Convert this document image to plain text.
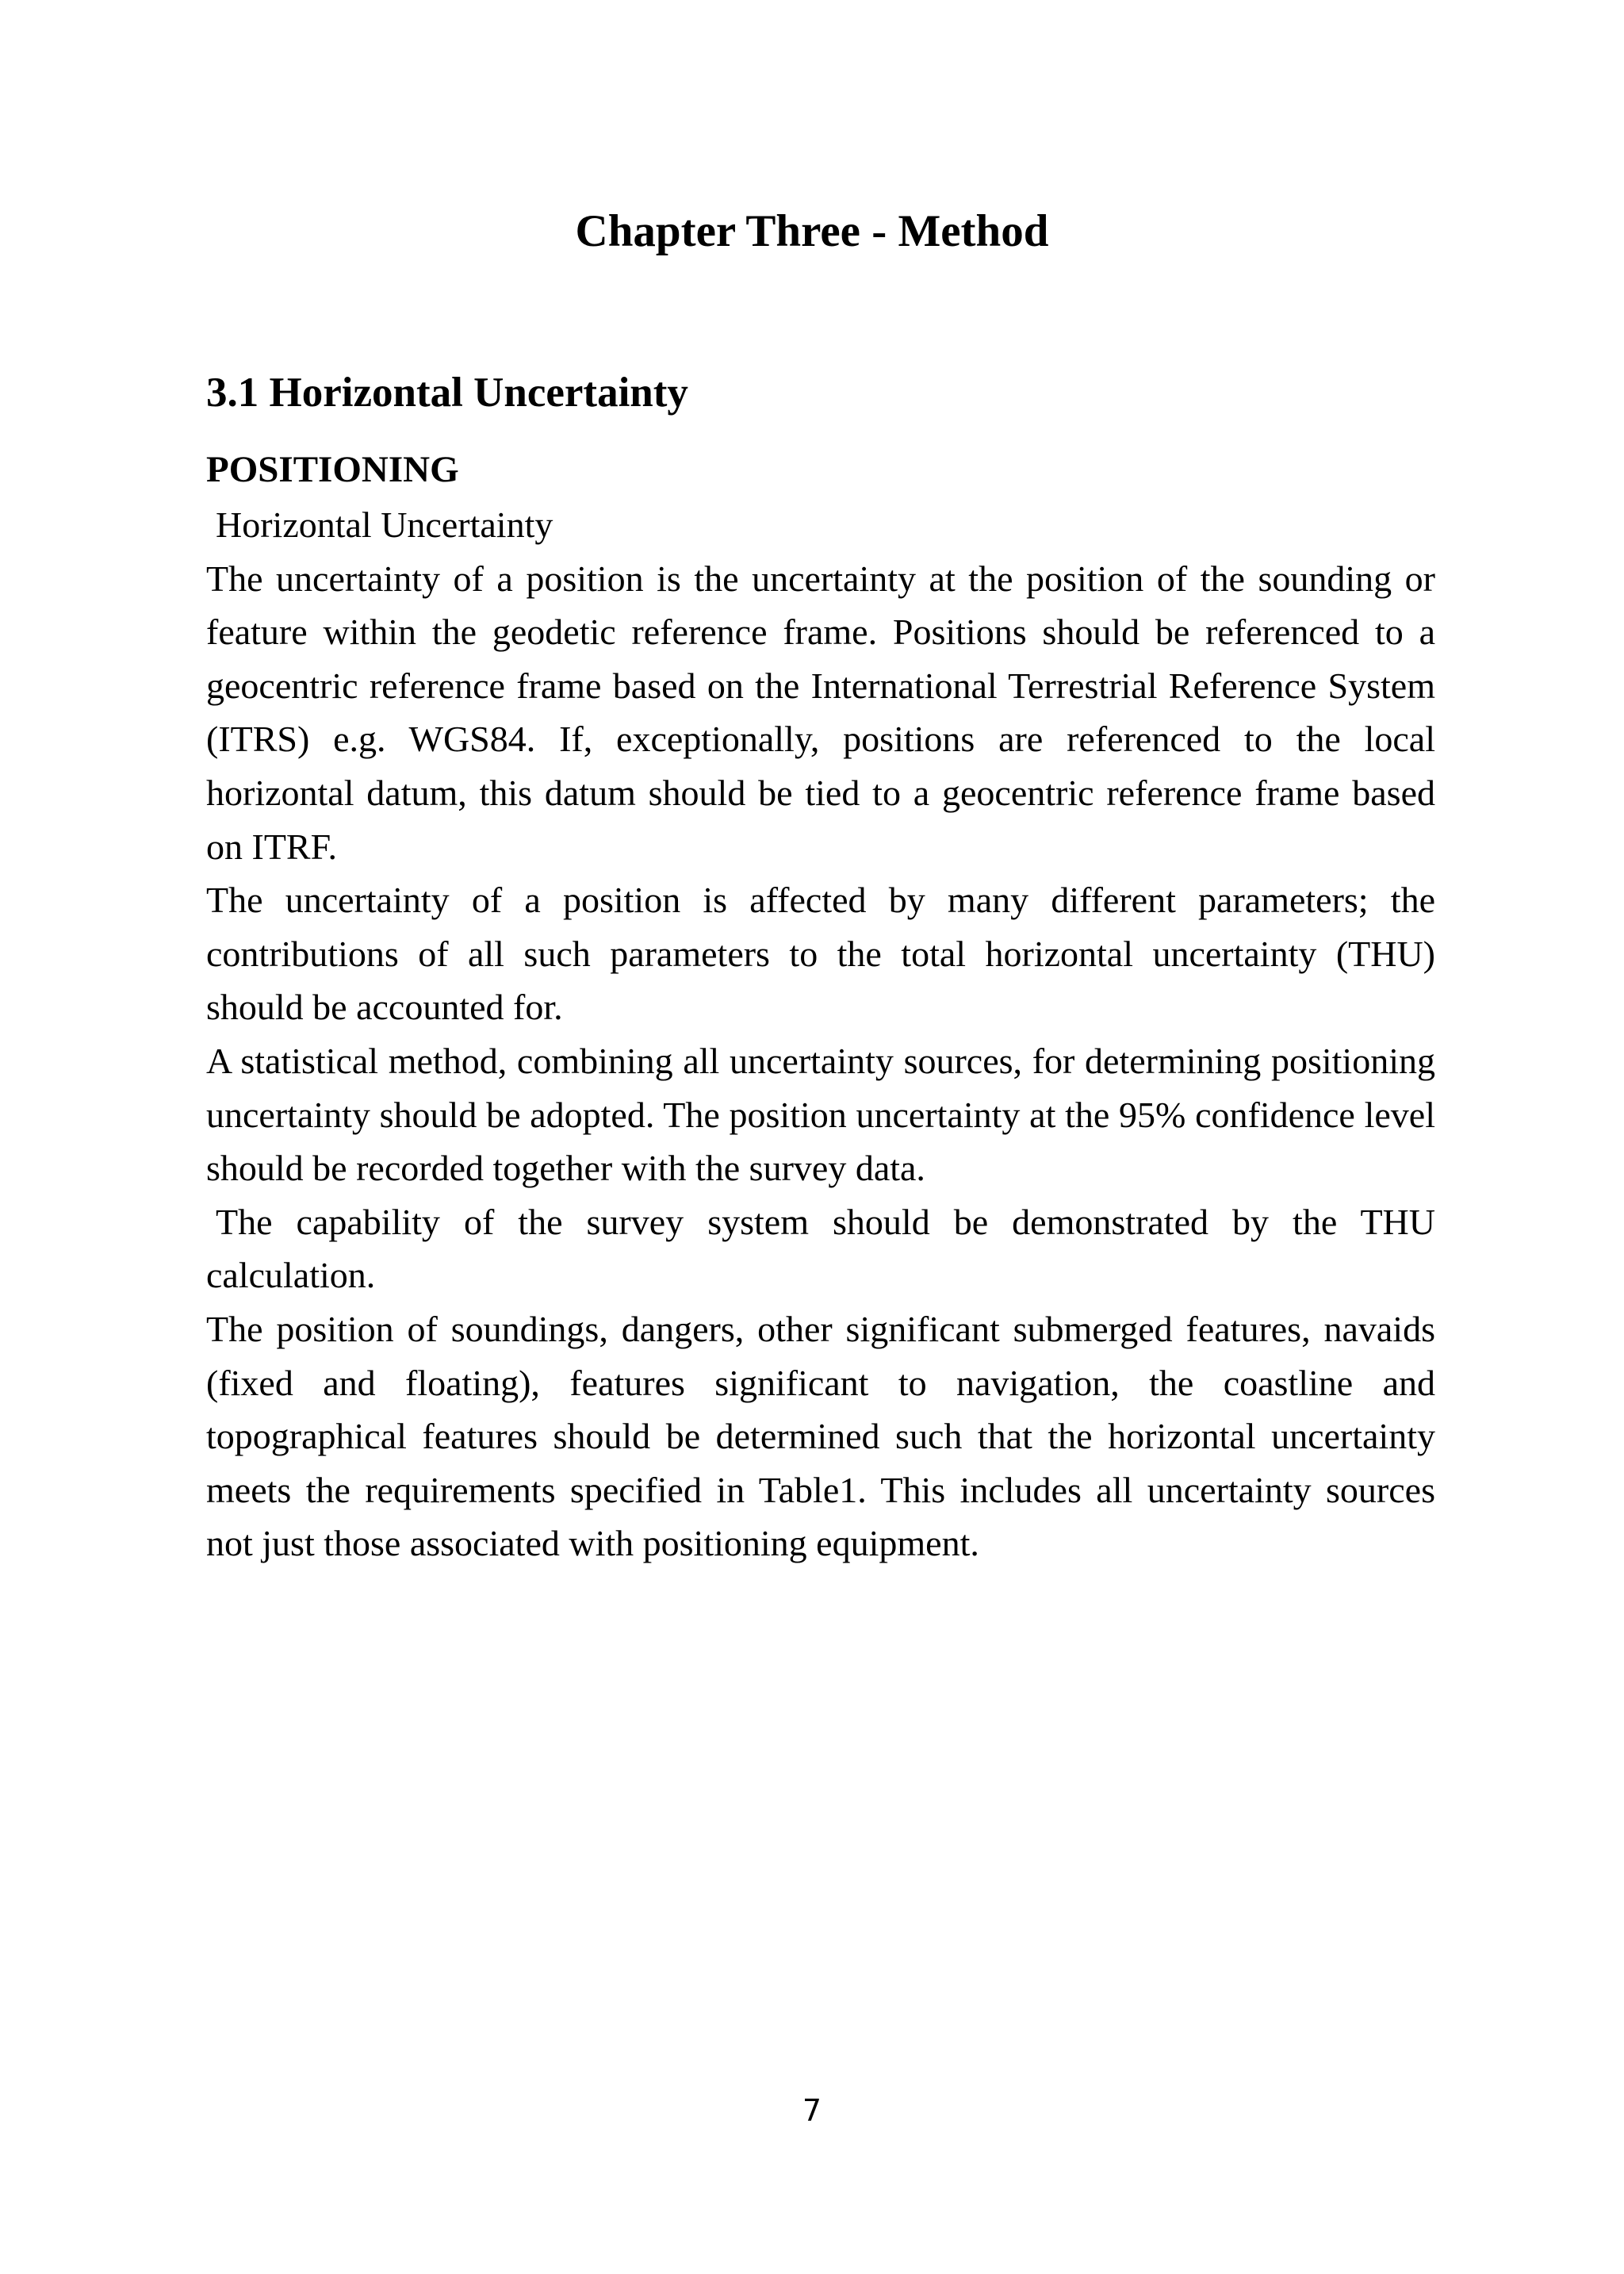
Chapter Three - Method
3.1 Horizontal Uncertainty
POSITIONING

Horizontal Uncertainty

The uncertainty of a position is the uncertainty at the position of the sounding or feature within the geodetic reference frame. Positions should be referenced to a geocentric reference frame based on the International Terrestrial Reference System (ITRS) e.g. WGS84. If, exceptionally, positions are referenced to the local horizontal datum, this datum should be tied to a geocentric reference frame based on ITRF.

The uncertainty of a position is affected by many different parameters; the contributions of all such parameters to the total horizontal uncertainty (THU) should be accounted for.

A statistical method, combining all uncertainty sources, for determining positioning uncertainty should be adopted. The position uncertainty at the 95% confidence level should be recorded together with the survey data.

The capability of the survey system should be demonstrated by the THU calculation.

The position of soundings, dangers, other significant submerged features, navaids (fixed and floating), features significant to navigation, the coastline and topographical features should be determined such that the horizontal uncertainty meets the requirements specified in Table1. This includes all uncertainty sources not just those associated with positioning equipment.

7
